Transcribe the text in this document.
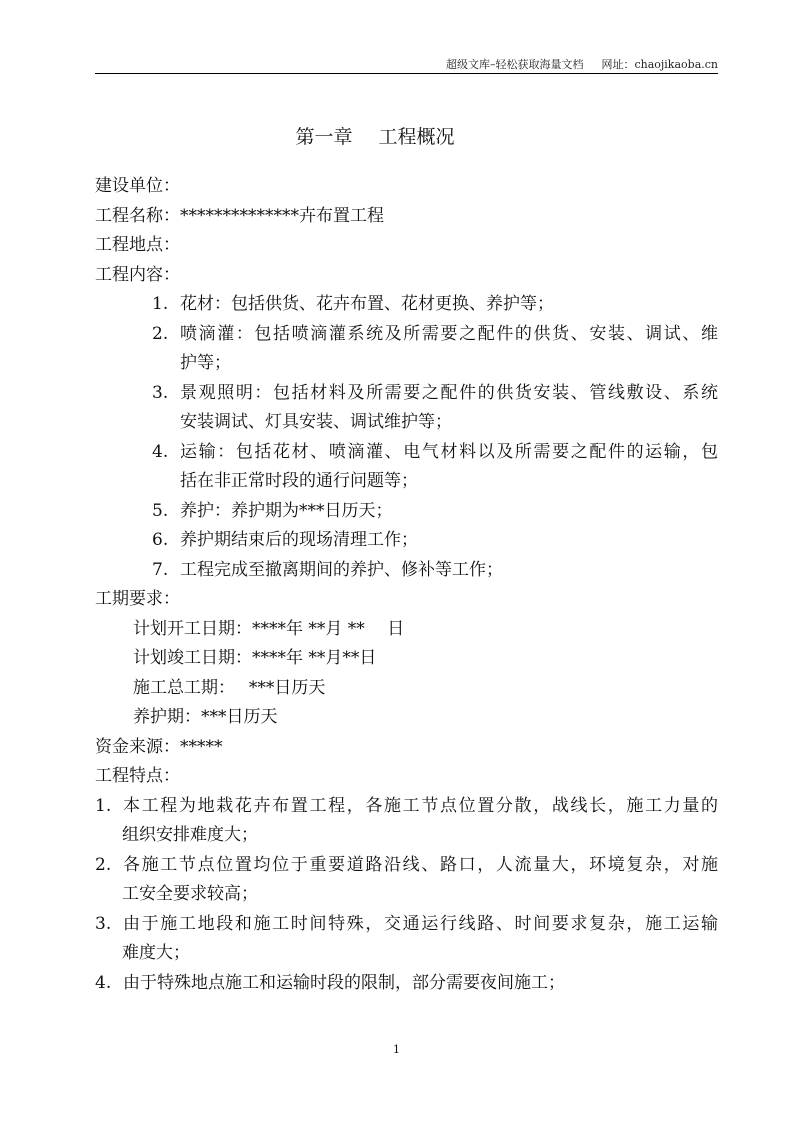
超级文库–轻松获取海量文档 网址：chaojikaoba.cn
第一章 工程概况
建设单位：
工程名称：**************卉布置工程
工程地点：
工程内容：
1. 花材：包括供货、花卉布置、花材更换、养护等；
2. 喷滴灌：包括喷滴灌系统及所需要之配件的供货、安装、调试、维
护等；
3. 景观照明：包括材料及所需要之配件的供货安装、管线敷设、系统
安装调试、灯具安装、调试维护等；
4. 运输：包括花材、喷滴灌、电气材料以及所需要之配件的运输，包
括在非正常时段的通行问题等；
5. 养护：养护期为***日历天；
6. 养护期结束后的现场清理工作；
7. 工程完成至撤离期间的养护、修补等工作；
工期要求：
计划开工日期：****年 **月 **　 日
计划竣工日期：****年 **月**日
施工总工期：　 ***日历天
养护期：***日历天
资金来源：*****
工程特点：
1. 本工程为地栽花卉布置工程，各施工节点位置分散，战线长，施工力量的
组织安排难度大；
2. 各施工节点位置均位于重要道路沿线、路口，人流量大，环境复杂，对施
工安全要求较高；
3. 由于施工地段和施工时间特殊，交通运行线路、时间要求复杂，施工运输
难度大；
4. 由于特殊地点施工和运输时段的限制，部分需要夜间施工；
1
